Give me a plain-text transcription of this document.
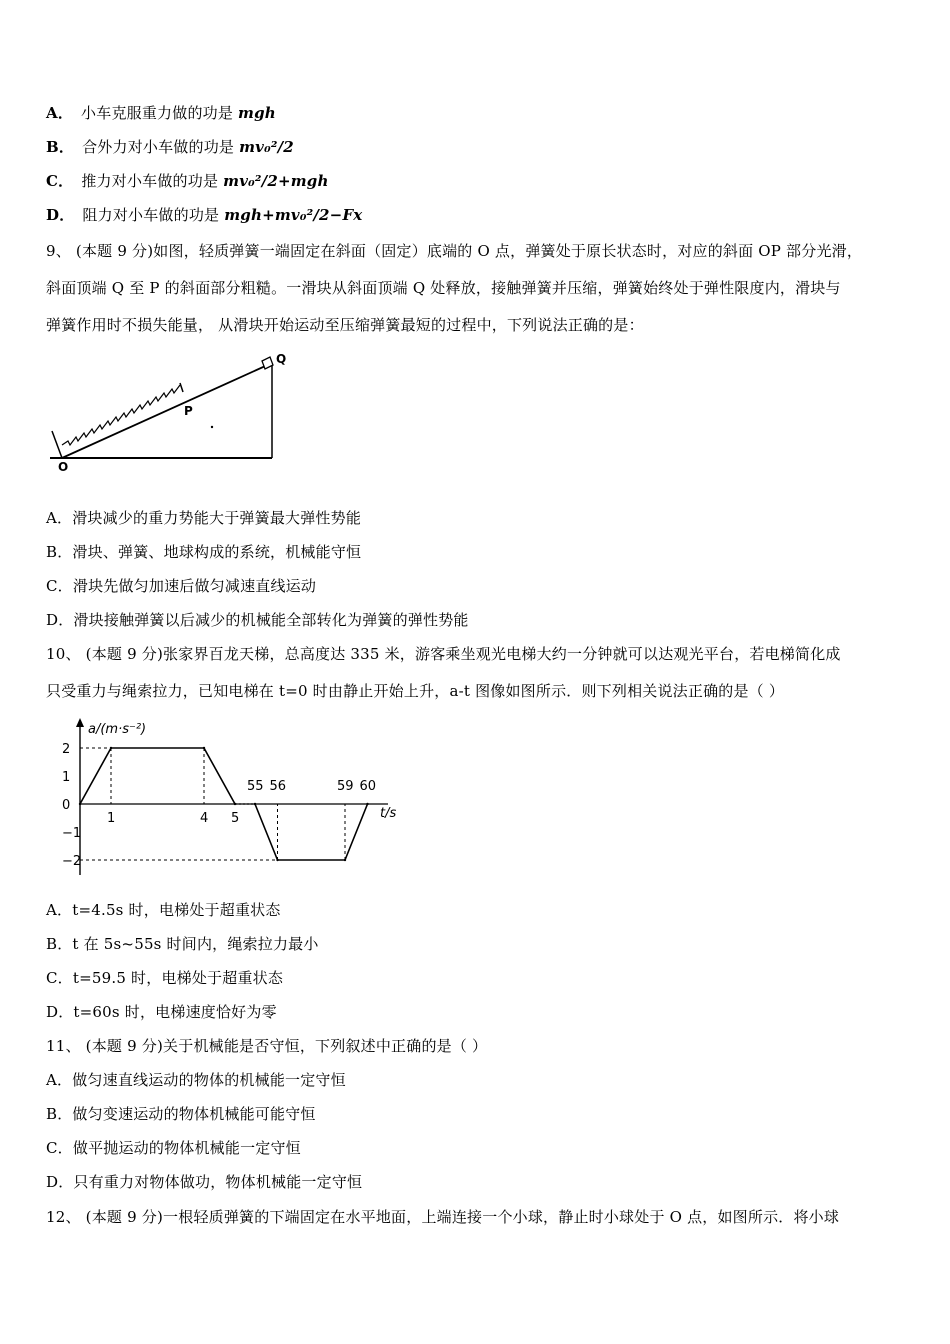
A． 小车克服重力做的功是 mgh
B． 合外力对小车做的功是 mv₀²/2
C． 推力对小车做的功是 mv₀²/2+mgh
D． 阻力对小车做的功是 mgh+mv₀²/2−Fx
9、 (本题 9 分)如图，轻质弹簧一端固定在斜面（固定）底端的 O 点，弹簧处于原长状态时，对应的斜面 OP 部分光滑，
斜面顶端 Q 至 P 的斜面部分粗糙。一滑块从斜面顶端 Q 处释放，接触弹簧并压缩，弹簧始终处于弹性限度内，滑块与
弹簧作用时不损失能量， 从滑块开始运动至压缩弹簧最短的过程中，下列说法正确的是：
O
P
Q
A．滑块减少的重力势能大于弹簧最大弹性势能
B．滑块、弹簧、地球构成的系统，机械能守恒
C．滑块先做匀加速后做匀减速直线运动
D．滑块接触弹簧以后减少的机械能全部转化为弹簧的弹性势能
10、 (本题 9 分)张家界百龙天梯，总高度达 335 米，游客乘坐观光电梯大约一分钟就可以达观光平台，若电梯简化成
只受重力与绳索拉力，已知电梯在 t=0 时由静止开始上升，a-t 图像如图所示．则下列相关说法正确的是（ ）
2
1
0
−1
−2
1	4 5
55 56	59 60
a/(m·s⁻²)
t/s
A．t=4.5s 时，电梯处于超重状态
B．t 在 5s~55s 时间内，绳索拉力最小
C．t=59.5 时，电梯处于超重状态
D．t=60s 时，电梯速度恰好为零
11、 (本题 9 分)关于机械能是否守恒，下列叙述中正确的是（ ）
A．做匀速直线运动的物体的机械能一定守恒
B．做匀变速运动的物体机械能可能守恒
C．做平抛运动的物体机械能一定守恒
D．只有重力对物体做功，物体机械能一定守恒
12、 (本题 9 分)一根轻质弹簧的下端固定在水平地面，上端连接一个小球，静止时小球处于 O 点，如图所示．将小球
